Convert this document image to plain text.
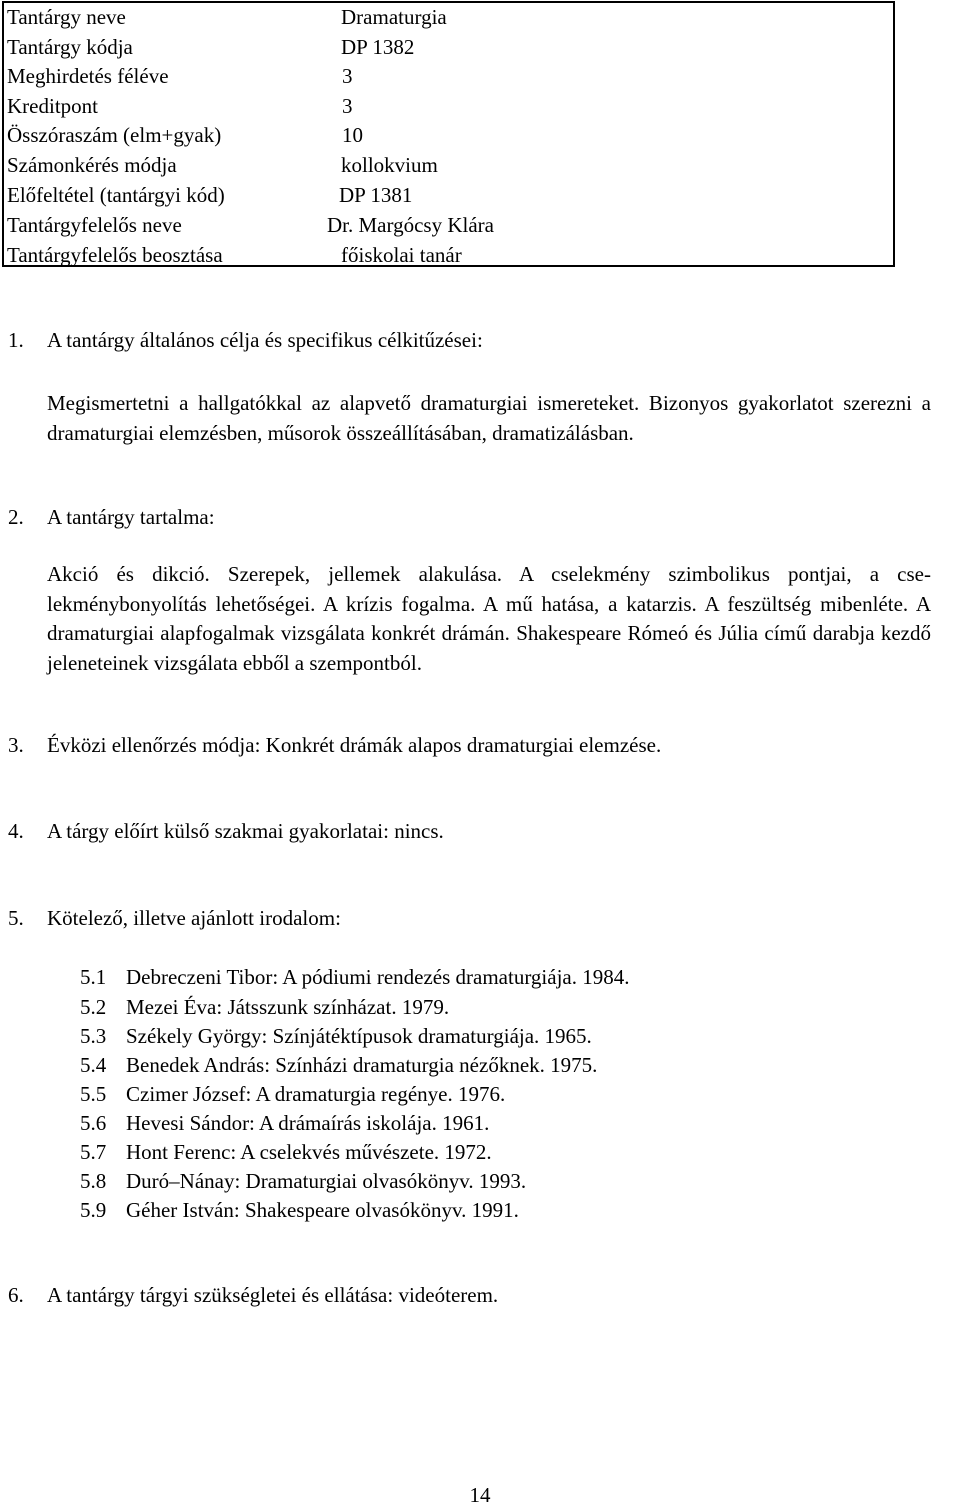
Tantárgy neve	Dramaturgia
Tantárgy kódja	DP 1382
Meghirdetés féléve	3
Kreditpont	3
Összóraszám (elm+gyak)	10
Számonkérés módja	kollokvium
Előfeltétel (tantárgyi kód)	DP 1381
Tantárgyfelelős neve	Dr. Margócsy Klára
Tantárgyfelelős beosztása	főiskolai tanár
1. A tantárgy általános célja és specifikus célkitűzései:
Megismertetni a hallgatókkal az alapvető dramaturgiai ismereteket. Bizonyos gyakorlatot szerezni a dramaturgiai elemzésben, műsorok összeállításában, dramatizálásban.
2. A tantárgy tartalma:
Akció és dikció. Szerepek, jellemek alakulása. A cselekmény szimbolikus pontjai, a cselekménybonyolítás lehetőségei. A krízis fogalma. A mű hatása, a katarzis. A feszültség mibenléte. A dramaturgiai alapfogalmak vizsgálata konkrét drámán. Shakespeare Rómeó és Júlia című darabja kezdő jeleneteinek vizsgálata ebből a szempontból.
3. Évközi ellenőrzés módja: Konkrét drámák alapos dramaturgiai elemzése.
4. A tárgy előírt külső szakmai gyakorlatai: nincs.
5. Kötelező, illetve ajánlott irodalom:
5.1 Debreczeni Tibor: A pódiumi rendezés dramaturgiája. 1984.
5.2 Mezei Éva: Játsszunk színházat. 1979.
5.3 Székely György: Színjátéktípusok dramaturgiája. 1965.
5.4 Benedek András: Színházi dramaturgia nézőknek. 1975.
5.5 Czimer József: A dramaturgia regénye. 1976.
5.6 Hevesi Sándor: A drámaírás iskolája. 1961.
5.7 Hont Ferenc: A cselekvés művészete. 1972.
5.8 Duró–Nánay: Dramaturgiai olvasókönyv. 1993.
5.9 Géher István: Shakespeare olvasókönyv. 1991.
6. A tantárgy tárgyi szükségletei és ellátása: videóterem.
14
